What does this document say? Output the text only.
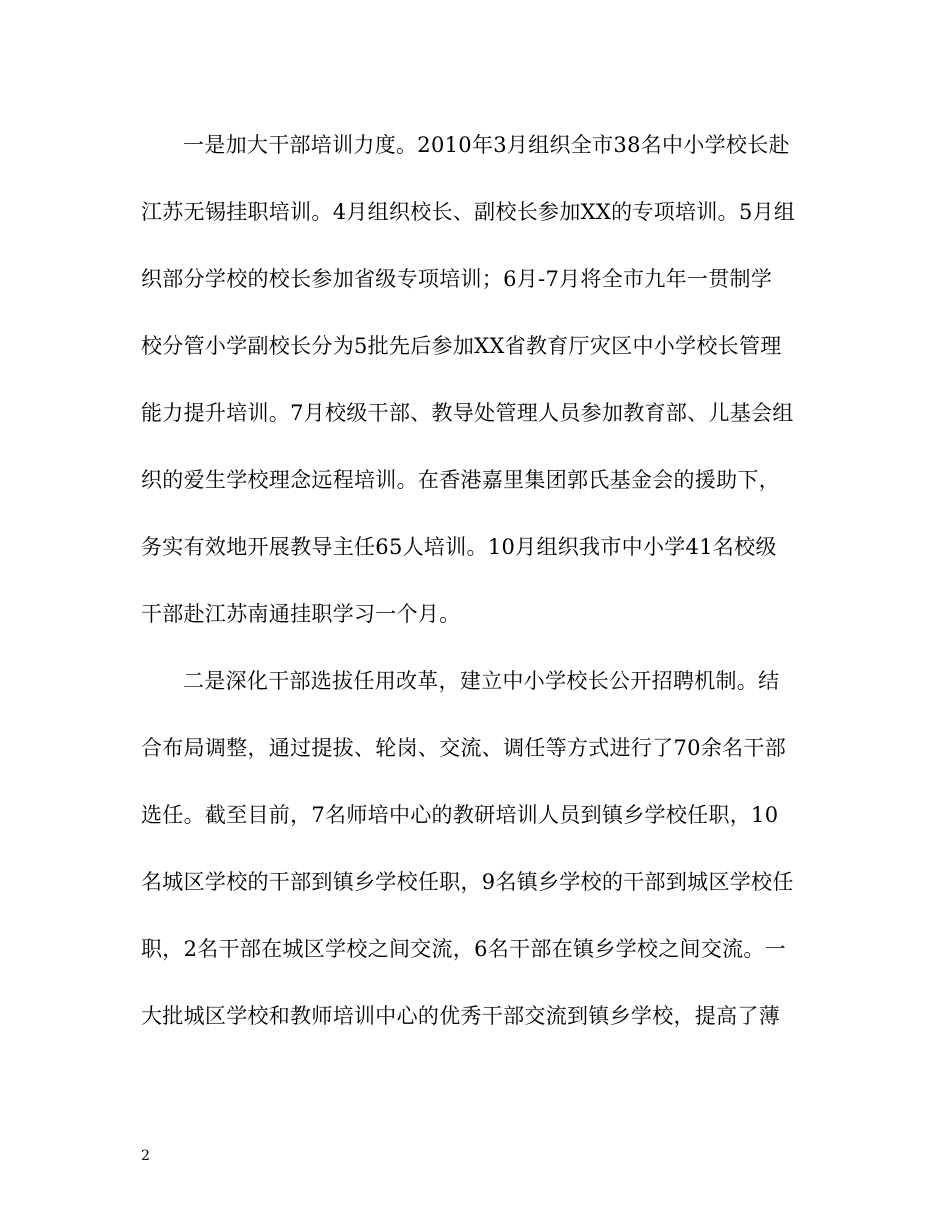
一是加大干部培训力度。2010年3月组织全市38名中小学校长赴
江苏无锡挂职培训。4月组织校长、副校长参加XX的专项培训。5月组
织部分学校的校长参加省级专项培训；6月-7月将全市九年一贯制学
校分管小学副校长分为5批先后参加XX省教育厅灾区中小学校长管理
能力提升培训。7月校级干部、教导处管理人员参加教育部、儿基会组
织的爱生学校理念远程培训。在香港嘉里集团郭氏基金会的援助下，
务实有效地开展教导主任65人培训。10月组织我市中小学41名校级
干部赴江苏南通挂职学习一个月。
二是深化干部选拔任用改革，建立中小学校长公开招聘机制。结
合布局调整，通过提拔、轮岗、交流、调任等方式进行了70余名干部
选任。截至目前，7名师培中心的教研培训人员到镇乡学校任职，10
名城区学校的干部到镇乡学校任职，9名镇乡学校的干部到城区学校任
职，2名干部在城区学校之间交流，6名干部在镇乡学校之间交流。一
大批城区学校和教师培训中心的优秀干部交流到镇乡学校，提高了薄
2
